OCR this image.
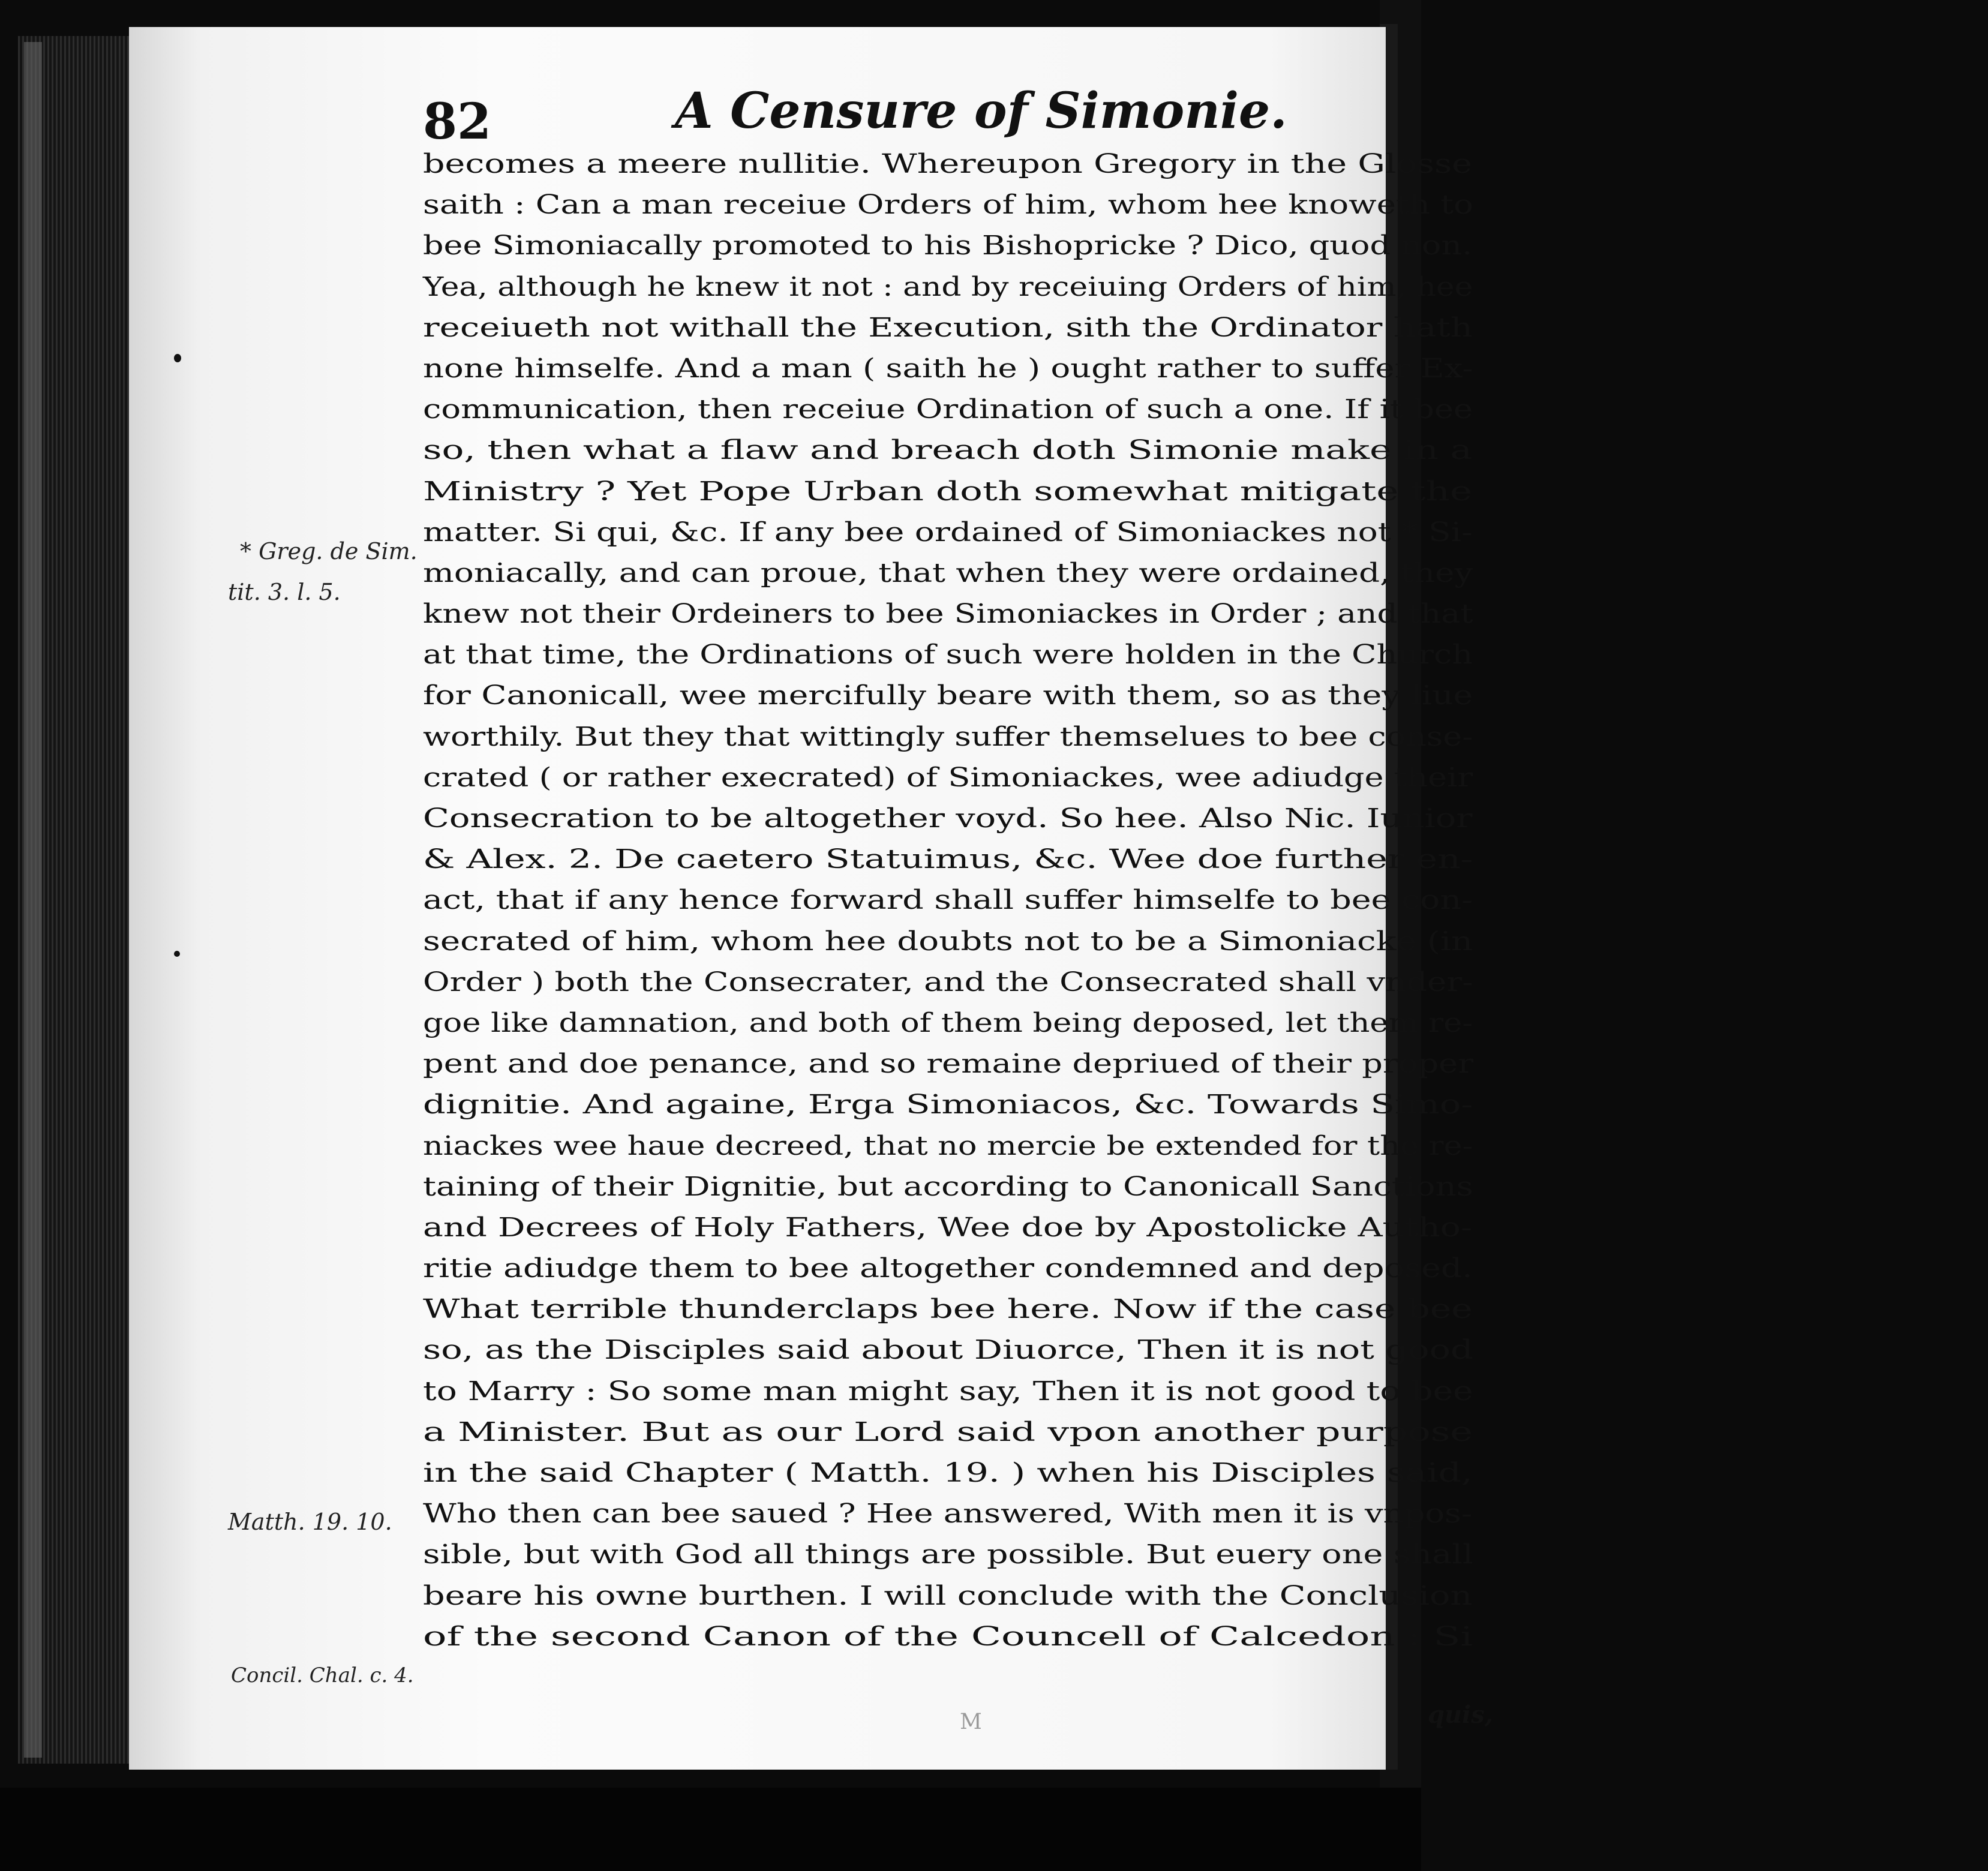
82	A Censure of Simonie.
* Greg. de Sim.
tit. 3. l. 5.
Matth. 19. 10.
Concil. Chal. c. 4.
becomes a meere nullitie. Whereupon Gregory in the Glosse
saith : Can a man receiue Orders of him, whom hee knoweth to
bee Simoniacally promoted to his Bishopricke ? Dico, quod non.
Yea, although he knew it not : and by receiuing Orders of him, hee
receiueth not withall the Execution, sith the Ordinator hath
none himselfe. And a man ( saith he ) ought rather to suffer Ex-
communication, then receiue Ordination of such a one. If it bee
so, then what a flaw and breach doth Simonie make in a
Ministry ? Yet Pope Urban doth somewhat mitigate the
matter. Si qui, &c. If any bee ordained of Simoniackes not * Si-
moniacally, and can proue, that when they were ordained, they
knew not their Ordeiners to bee Simoniackes in Order ; and that
at that time, the Ordinations of such were holden in the Church
for Canonicall, wee mercifully beare with them, so as they liue
worthily. But they that wittingly suffer themselues to bee conse-
crated ( or rather execrated) of Simoniackes, wee adiudge their
Consecration to be altogether voyd. So hee. Also Nic. Iunior
& Alex. 2. De caetero Statuimus, &c. Wee doe further en-
act, that if any hence forward shall suffer himselfe to bee con-
secrated of him, whom hee doubts not to be a Simoniacke (in
Order ) both the Consecrater, and the Consecrated shall vnder-
goe like damnation, and both of them being deposed, let them re-
pent and doe penance, and so remaine depriued of their proper
dignitie. And againe, Erga Simoniacos, &c. Towards Simo-
niackes wee haue decreed, that no mercie be extended for the re-
taining of their Dignitie, but according to Canonicall Sanctions
and Decrees of Holy Fathers, Wee doe by Apostolicke Autho-
ritie adiudge them to bee altogether condemned and deposed.
What terrible thunderclaps bee here. Now if the case bee
so, as the Disciples said about Diuorce, Then it is not good
to Marry : So some man might say, Then it is not good to bee
a Minister. But as our Lord said vpon another purpose
in the said Chapter ( Matth. 19. ) when his Disciples said,
Who then can bee saued ? Hee answered, With men it is vnpos-
sible, but with God all things are possible. But euery one shall
beare his owne burthen. I will conclude with the Conclusion
of the second Canon of the Councell of Calcedon : Si
M	quis,
